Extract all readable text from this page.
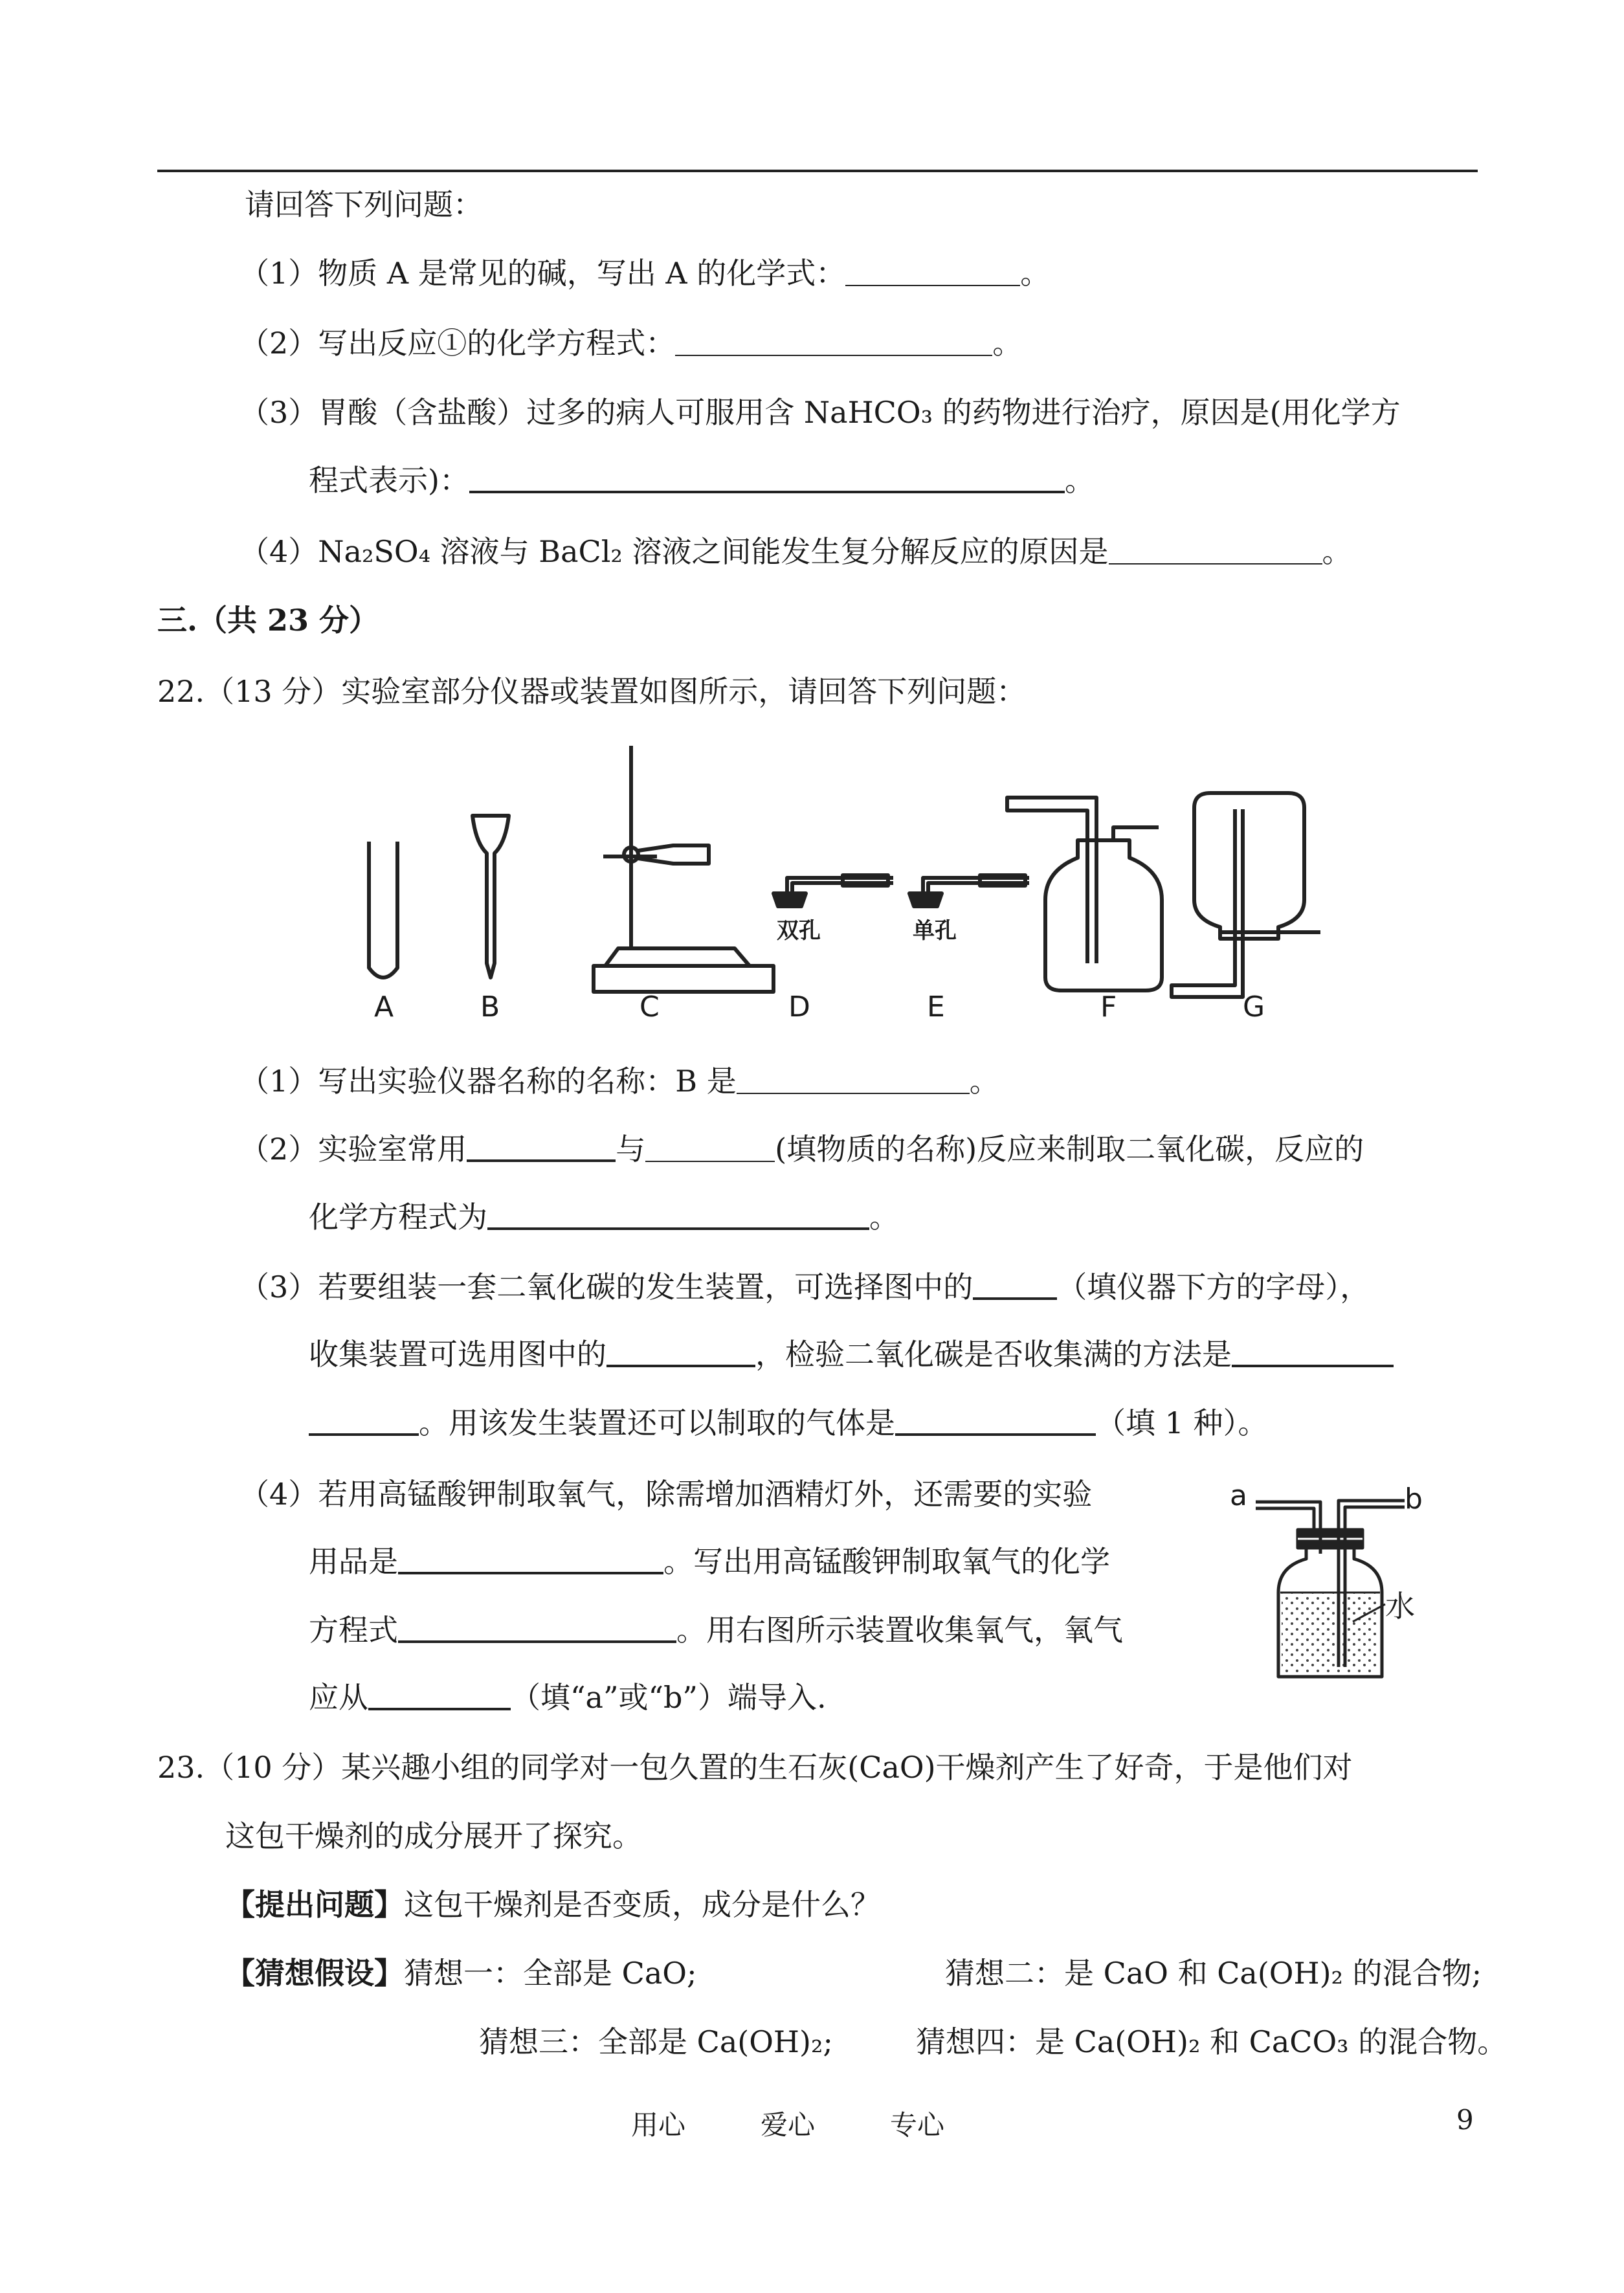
请回答下列问题：
（1）物质 A 是常见的碱，写出 A 的化学式：	。
（2）写出反应①的化学方程式：	。
（3）胃酸（含盐酸）过多的病人可服用含 NaHCO₃ 的药物进行治疗，原因是(用化学方
程式表示)：	。
（4）Na₂SO₄ 溶液与 BaCl₂ 溶液之间能发生复分解反应的原因是	。
三.（共 23 分）
22.（13 分）实验室部分仪器或装置如图所示，请回答下列问题：
双孔	单孔
A	B	C	D	E	F	G
（1）写出实验仪器名称的名称：B 是	。
（2）实验室常用	与	(填物质的名称)反应来制取二氧化碳，反应的
化学方程式为	。
（3）若要组装一套二氧化碳的发生装置，可选择图中的	（填仪器下方的字母），
收集装置可选用图中的	，检验二氧化碳是否收集满的方法是
。用该发生装置还可以制取的气体是	（填 1 种）。
（4）若用高锰酸钾制取氧气，除需增加酒精灯外，还需要的实验
用品是	。写出用高锰酸钾制取氧气的化学
方程式	。用右图所示装置收集氧气，氧气
应从	（填“a”或“b”）端导入.
a	b
水
23.（10 分）某兴趣小组的同学对一包久置的生石灰(CaO)干燥剂产生了好奇，于是他们对
这包干燥剂的成分展开了探究。
【提出问题】这包干燥剂是否变质，成分是什么？
【猜想假设】猜想一：全部是 CaO;	猜想二：是 CaO 和 Ca(OH)₂ 的混合物;
猜想三：全部是 Ca(OH)₂;	猜想四：是 Ca(OH)₂ 和 CaCO₃ 的混合物。
用心	爱心	专心	9
